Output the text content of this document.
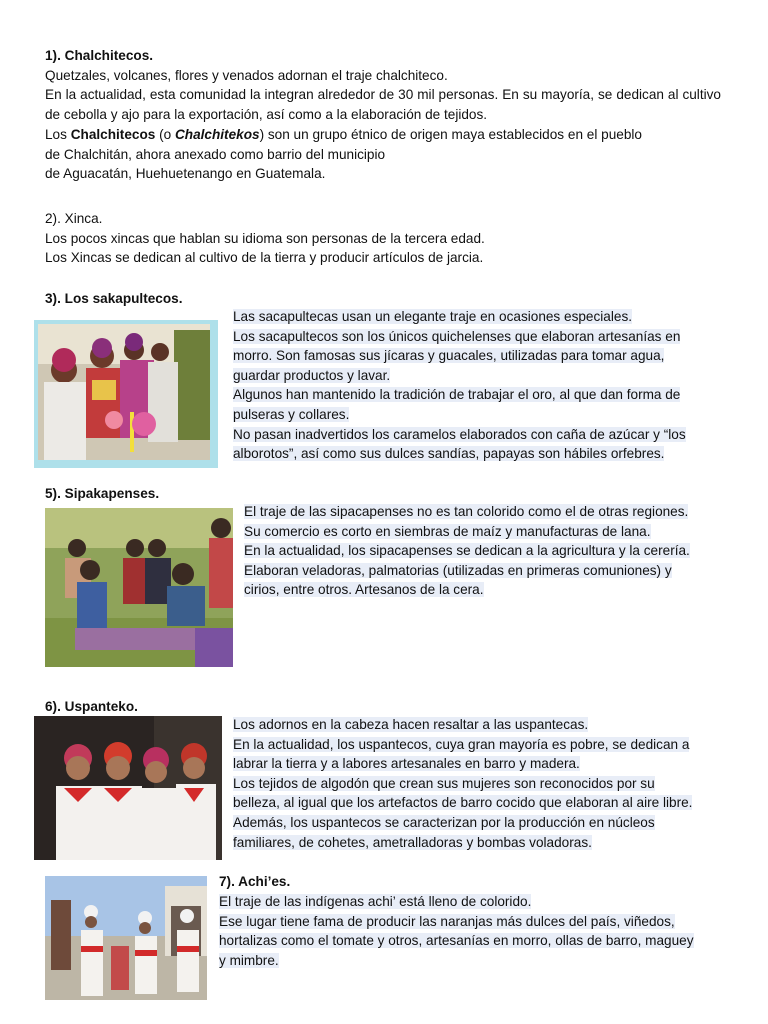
1). Chalchitecos.
Quetzales, volcanes, flores y venados adornan el traje chalchiteco.
En la actualidad, esta comunidad la integran alrededor de 30 mil personas. En su mayoría, se dedican al cultivo de cebolla y ajo para la exportación, así como a la elaboración de tejidos.
Los Chalchitecos (o Chalchitekos) son un grupo étnico de origen maya establecidos en el pueblo
de Chalchitán, ahora anexado como barrio del municipio
de Aguacatán, Huehuetenango en Guatemala.
2). Xinca.
Los pocos xincas que hablan su idioma son personas de la tercera edad.
Los Xincas se dedican al cultivo de la tierra y producir artículos de jarcia.
3). Los sakapultecos.
Las sacapultecas usan un elegante traje en ocasiones especiales.
Los sacapultecos son los únicos quichelenses que elaboran artesanías en
morro. Son famosas sus jícaras y guacales, utilizadas para tomar agua,
guardar productos y lavar.
Algunos han mantenido la tradición de trabajar el oro, al que dan forma de
pulseras y collares.
No pasan inadvertidos los caramelos elaborados con caña de azúcar y “los
alborotos”, así como sus dulces sandías, papayas son hábiles orfebres.
5). Sipakapenses.
El traje de las sipacapenses no es tan colorido como el de otras regiones.
Su comercio es corto en siembras de maíz y manufacturas de lana.
En la actualidad, los sipacapenses se dedican a la agricultura y la cerería.
Elaboran veladoras, palmatorias (utilizadas en primeras comuniones) y
cirios, entre otros. Artesanos de la cera.
6). Uspanteko.
Los adornos en la cabeza hacen resaltar a las uspantecas.
En la actualidad, los uspantecos, cuya gran mayoría es pobre, se dedican a
labrar la tierra y a labores artesanales en barro y madera.
Los tejidos de algodón que crean sus mujeres son reconocidos por su
belleza, al igual que los artefactos de barro cocido que elaboran al aire libre.
Además, los uspantecos se caracterizan por la producción en núcleos
familiares, de cohetes, ametralladoras y bombas voladoras.
7). Achi’es.
El traje de las indígenas achi’ está lleno de colorido.
Ese lugar tiene fama de producir las naranjas más dulces del país, viñedos,
hortalizas como el tomate y otros, artesanías en morro, ollas de barro, maguey
y mimbre.
